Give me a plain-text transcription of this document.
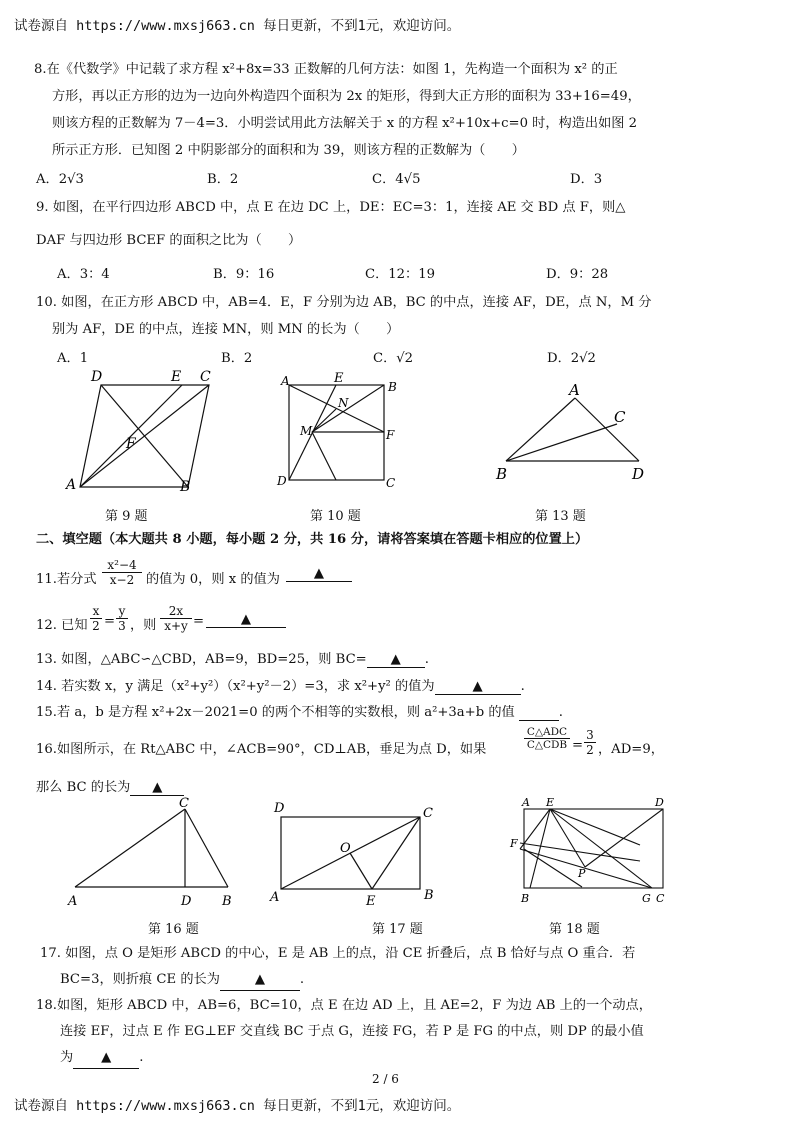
试卷源自 https://www.mxsj663.cn 每日更新，不到1元，欢迎访问。
8.在《代数学》中记载了求方程 x²+8x=33 正数解的几何方法：如图 1，先构造一个面积为 x² 的正
方形，再以正方形的边为一边向外构造四个面积为 2x 的矩形，得到大正方形的面积为 33+16=49，
则该方程的正数解为 7－4=3．小明尝试用此方法解关于 x 的方程 x²+10x+c=0 时，构造出如图 2
所示正方形．已知图 2 中阴影部分的面积和为 39，则该方程的正数解为（　　）
A．2√3	B．2	C．4√5	D．3
9. 如图，在平行四边形 ABCD 中，点 E 在边 DC 上，DE：EC=3：1，连接 AE 交 BD 点 F，则△
DAF 与四边形 BCEF 的面积之比为（　　）
A．3：4	B．9：16	C．12：19	D．9：28
10. 如图，在正方形 ABCD 中，AB=4．E，F 分别为边 AB，BC 的中点，连接 AF，DE，点 N，M 分
别为 AF，DE 的中点，连接 MN，则 MN 的长为（　　）
A．1	B．2	C．√2	D．2√2
D	E C
F
A	B
A	E
B
N
M	F
D	C
A
C
B	D
第 9 题	第 10 题	第 13 题
二、填空题（本大题共 8 小题，每小题 2 分，共 16 分，请将答案填在答题卡相应的位置上）
11.若分式 $\frac{\text{x²−4}}{x-2}$ 的值为 0，则 x 的值为	▲
12. 已知 $\frac{x}{2} = \frac{y}{3}$ ，则 $\frac{2x}{x+y}$ =	▲
13. 如图，△ABC∽△CBD，AB=9，BD=25，则 BC= ▲ .
14. 若实数 x，y 满足（x²+y²）（x²+y²－2）=3，求 x²+y² 的值为	▲	.
15.若 a，b 是方程 x²+2x－2021=0 的两个不相等的实数根，则 a²+3a+b 的值	.
16.如图所示，在 Rt△ABC 中，∠ACB=90°，CD⊥AB，垂足为点 D，如果
C△ADC
C△CDB = $\frac{3}{2}$ ，AD=9，
那么 BC 的长为 ▲
C
A	D B
D	C
O
A	E	B
A E	D
F
P
B	G C
第 16 题	第 17 题	第 18 题
17. 如图，点 O 是矩形 ABCD 的中心，E 是 AB 上的点，沿 CE 折叠后，点 B 恰好与点 O 重合．若
BC=3，则折痕 CE 的长为	▲	.
18.如图，矩形 ABCD 中，AB=6，BC=10，点 E 在边 AD 上，且 AE=2，F 为边 AB 上的一个动点，
连接 EF，过点 E 作 EG⊥EF 交直线 BC 于点 G，连接 FG，若 P 是 FG 的中点，则 DP 的最小值
为 ▲ .
2 / 6
试卷源自 https://www.mxsj663.cn 每日更新，不到1元，欢迎访问。
